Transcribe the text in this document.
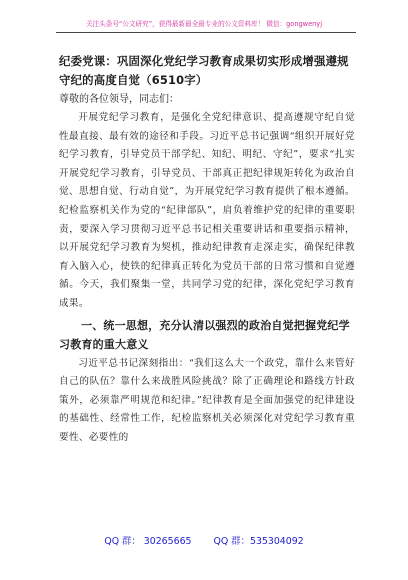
关注头条号“公文研究”，获得最新最全最专业的公文资料库！ 微信：gongwenyj

纪委党课：巩固深化党纪学习教育成果切实形成增强遵规守纪的高度自觉（6510字）

尊敬的各位领导，同志们：

开展党纪学习教育，是强化全党纪律意识、提高遵规守纪自觉性最直接、最有效的途径和手段。习近平总书记强调“组织开展好党纪学习教育，引导党员干部学纪、知纪、明纪、守纪”，要求“扎实开展党纪学习教育，引导党员、干部真正把纪律规矩转化为政治自觉、思想自觉、行动自觉”，为开展党纪学习教育提供了根本遵循。纪检监察机关作为党的“纪律部队”，肩负着维护党的纪律的重要职责，要深入学习贯彻习近平总书记相关重要讲话和重要指示精神，以开展党纪学习教育为契机，推动纪律教育走深走实，确保纪律教育入脑入心，使铁的纪律真正转化为党员干部的日常习惯和自觉遵循。今天，我们聚集一堂，共同学习党的纪律，深化党纪学习教育成果。

一、统一思想，充分认清以强烈的政治自觉把握党纪学习教育的重大意义

习近平总书记深刻指出：“我们这么大一个政党，靠什么来管好自己的队伍？靠什么来战胜风险挑战？除了正确理论和路线方针政策外，必须靠严明规范和纪律。”纪律教育是全面加强党的纪律建设的基础性、经常性工作，纪检监察机关必须深化对党纪学习教育重要性、必要性的

QQ 群： 30265665 QQ 群：535304092
